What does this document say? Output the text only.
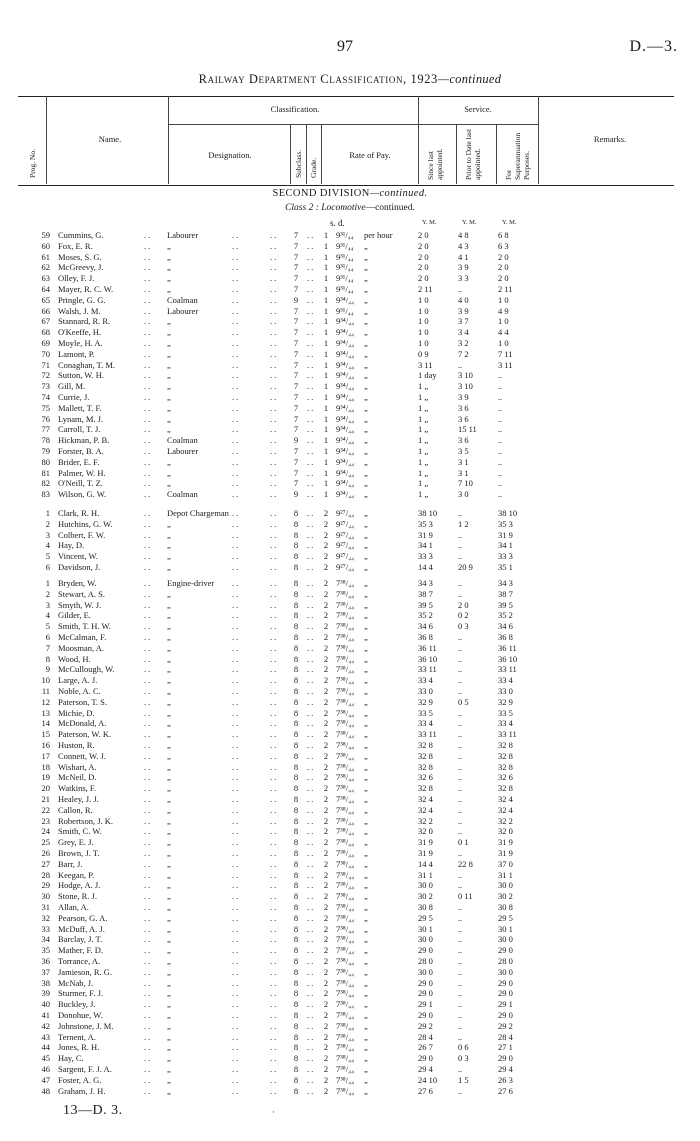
97	D.—3.
Railway Department Classification, 1923—continued
Prog. No.
Name.
Classification.
Designation.	Subclass. Grade.
Rate of Pay.
Service.
Since last appointed.	Prior to Date last appointed.	For Superannuation Purposes.
Remarks.
SECOND DIVISION—continued.
Class 2 : Locomotive—continued.
s. d.	Y. M.	Y. M.	Y. M.
59 Cummins, G.	Labourer	7	1 9³¹/₄₄ per hour	2 0	4 8	6 8
..	..	..	..
60 Fox, E. R.	„	7	1 9³¹/₄₄ „	2 0	4 3	6 3
..	..	..	..
61 Moses, S. G.	„	7	1 9³¹/₄₄ „	2 0	4 1	2 0
..	..	..	..
62 McGreevy, J.	„	7	1 9³¹/₄₄ „	2 0	3 9	2 0
..	..	..	..
63 Olley, F. J.	„	7	1 9³¹/₄₄ „	2 0	3 3	2 0
..	..	..	..
64 Mayer, R. C. W.	„	7	1 9³¹/₄₄ „	2 11	..	2 11
..	..	..	..
65 Pringle, G. G.	Coalman	9	1 9³⁴/₄₄ „	1 0	4 0	1 0
..	..	..	..
66 Walsh, J. M.	Labourer	7	1 9³¹/₄₄ „	1 0	3 9	4 9
..	..	..	..
67 Stannard, R. R.	„	7	1 9³⁴/₄₄ „	1 0	3 7	1 0
..	..	..	..
68 O'Keeffe, H.	„	7	1 9³⁴/₄₄ „	1 0	3 4	4 4
..	..	..	..
69 Moyle, H. A.	„	7	1 9³⁴/₄₄ „	1 0	3 2	1 0
..	..	..	..
70 Lamont, P.	„	7	1 9³⁴/₄₄ „	0 9	7 2	7 11
..	..	..	..
71 Conaghan, T. M.	„	7	1 9³⁴/₄₄ „	3 11	..	3 11
..	..	..	..
72 Sutton, W. H.	„	7	1 9³⁴/₄₄ „	1 day	3 10	..
..	..	..	..
73 Gill, M.	„	7	1 9³⁴/₄₄ „	1 „	3 10	..
..	..	..	..
74 Currie, J.	„	7	1 9³⁴/₄₄ „	1 „	3 9	..
..	..	..	..
75 Mallett, T. F.	„	7	1 9³⁴/₄₄ „	1 „	3 6	..
..	..	..	..
76 Lynam, M. J.	„	7	1 9³⁴/₄₄ „	1 „	3 6	..
..	..	..	..
77 Carroll, T. J.	„	7	1 9³⁴/₄₄ „	1 „	15 11	..
..	..	..	..
78 Hickman, P. B.	Coalman	9	1 9³⁴/₄₄ „	1 „	3 6	..
..	..	..	..
79 Forster, B. A.	Labourer	7	1 9³⁴/₄₄ „	1 „	3 5	..
..	..	..	..
80 Brider, E. F.	„	7	1 9³⁴/₄₄ „	1 „	3 1	..
..	..	..	..
81 Palmer, W. H.	„	7	1 9³⁴/₄₄ „	1 „	3 1	..
..	..	..	..
82 O'Neill, T. Z.	„	7	1 9³⁴/₄₄ „	1 „	7 10	..
..	..	..	..
83 Wilson, G. W.	Coalman	9	1 9³⁴/₄₄ „	1 „	3 0	..
..	..	..	..
1 Clark, R. H.	Depot Chargeman	8	2 9²⁷/₄₄ „	38 10	..	38 10
..	..	..	..
2 Hutchins, G. W.	„	8	2 9²⁷/₄₄ „	35 3	1 2	35 3
..	..	..	..
3 Colbert, F. W.	„	8	2 9²⁷/₄₄ „	31 9	..	31 9
..	..	..	..
4 Hay, D.	„	8	2 9²⁷/₄₄ „	34 1	..	34 1
..	..	..	..
5 Vincent, W.	„	8	2 9²⁷/₄₄ „	33 3	..	33 3
..	..	..	..
6 Davidson, J.	„	8	2 9²⁷/₄₄ „	14 4	20 9	35 1
..	..	..	..
1 Bryden, W.	Engine-driver	8	2 7³⁸/₄₄ „	34 3	..	34 3
..	..	..	..
2 Stewart, A. S.	„	8	2 7³⁸/₄₄ „	38 7	..	38 7
..	..	..	..
3 Smyth, W. J.	„	8	2 7³⁸/₄₄ „	39 5	2 0	39 5
..	..	..	..
4 Gilder, E.	„	8	2 7³⁸/₄₄ „	35 2	0 2	35 2
..	..	..	..
5 Smith, T. H. W.	„	8	2 7³⁸/₄₄ „	34 6	0 3	34 6
..	..	..	..
6 McCalman, F.	„	8	2 7³⁸/₄₄ „	36 8	..	36 8
..	..	..	..
7 Moosman, A.	„	8	2 7³⁸/₄₄ „	36 11	..	36 11
..	..	..	..
8 Wood, H.	„	8	2 7³⁸/₄₄ „	36 10	..	36 10
..	..	..	..
9 McCullough, W.	„	8	2 7³⁸/₄₄ „	33 11	..	33 11
..	..	..	..
10 Large, A. J.	„	8	2 7³⁸/₄₄ „	33 4	..	33 4
..	..	..	..
11 Noble, A. C.	„	8	2 7³⁸/₄₄ „	33 0	..	33 0
..	..	..	..
12 Paterson, T. S.	„	8	2 7³⁸/₄₄ „	32 9	0 5	32 9
..	..	..	..
13 Michie, D.	„	8	2 7³⁸/₄₄ „	33 5	..	33 5
..	..	..	..
14 McDonald, A.	„	8	2 7³⁸/₄₄ „	33 4	..	33 4
..	..	..	..
15 Paterson, W. K.	„	8	2 7³⁸/₄₄ „	33 11	..	33 11
..	..	..	..
16 Huston, R.	„	8	2 7³⁸/₄₄ „	32 8	..	32 8
..	..	..	..
17 Connett, W. J.	„	8	2 7³⁸/₄₄ „	32 8	..	32 8
..	..	..	..
18 Wishart, A.	„	8	2 7³⁸/₄₄ „	32 8	..	32 8
..	..	..	..
19 McNeil, D.	„	8	2 7³⁸/₄₄ „	32 6	..	32 6
..	..	..	..
20 Watkins, F.	„	8	2 7³⁸/₄₄ „	32 8	..	32 8
..	..	..	..
21 Healey, J. J.	„	8	2 7³⁸/₄₄ „	32 4	..	32 4
..	..	..	..
22 Callon, R.	„	8	2 7³⁸/₄₄ „	32 4	..	32 4
..	..	..	..
23 Robertson, J. K.	„	8	2 7³⁸/₄₄ „	32 2	..	32 2
..	..	..	..
24 Smith, C. W.	„	8	2 7³⁸/₄₄ „	32 0	..	32 0
..	..	..	..
25 Grey, E. J.	„	8	2 7³⁸/₄₄ „	31 9	0 1	31 9
..	..	..	..
26 Brown, J. T.	„	8	2 7³⁸/₄₄ „	31 9	..	31 9
..	..	..	..
27 Barr, J.	„	8	2 7³⁸/₄₄ „	14 4	22 8	37 0
..	..	..	..
28 Keegan, P.	„	8	2 7³⁸/₄₄ „	31 1	..	31 1
..	..	..	..
29 Hodge, A. J.	„	8	2 7³⁸/₄₄ „	30 0	..	30 0
..	..	..	..
30 Stone, R. J.	„	8	2 7³⁸/₄₄ „	30 2	0 11	30 2
..	..	..	..
31 Allan, A.	„	8	2 7³⁸/₄₄ „	30 8	..	30 8
..	..	..	..
32 Pearson, G. A.	„	8	2 7³⁸/₄₄ „	29 5	..	29 5
..	..	..	..
33 McDuff, A. J.	„	8	2 7³⁸/₄₄ „	30 1	..	30 1
..	..	..	..
34 Barclay, J. T.	„	8	2 7³⁸/₄₄ „	30 0	..	30 0
..	..	..	..
35 Mather, F. D.	„	8	2 7³⁸/₄₄ „	29 0	..	29 0
..	..	..	..
36 Torrance, A.	„	8	2 7³⁸/₄₄ „	28 0	..	28 0
..	..	..	..
37 Jamieson, R. G.	„	8	2 7³⁸/₄₄ „	30 0	..	30 0
..	..	..	..
38 McNab, J.	„	8	2 7³⁸/₄₄ „	29 0	..	29 0
..	..	..	..
39 Sturmer, F. J.	„	8	2 7³⁸/₄₄ „	29 0	..	29 0
..	..	..	..
40 Buckley, J.	„	8	2 7³⁸/₄₄ „	29 1	..	29 1
..	..	..	..
41 Donohue, W.	„	8	2 7³⁸/₄₄ „	29 0	..	29 0
..	..	..	..
42 Johnstone, J. M.	„	8	2 7³⁸/₄₄ „	29 2	..	29 2
..	..	..	..
43 Ternent, A.	„	8	2 7³⁸/₄₄ „	28 4	..	28 4
..	..	..	..
44 Jones, R. H.	„	8	2 7³⁸/₄₄ „	26 7	0 6	27 1
..	..	..	..
45 Hay, C.	„	8	2 7³⁸/₄₄ „	29 0	0 3	29 0
..	..	..	..
46 Sargent, F. J. A.	„	8	2 7³⁸/₄₄ „	29 4	..	29 4
..	..	..	..
47 Foster, A. G.	„	8	2 7³⁸/₄₄ „	24 10	1 5	26 3
..	..	..	..
48 Graham, J. H.	„	8	2 7³⁸/₄₄ „	27 6	..	27 6
..	..	..	..
13—D. 3.	·
